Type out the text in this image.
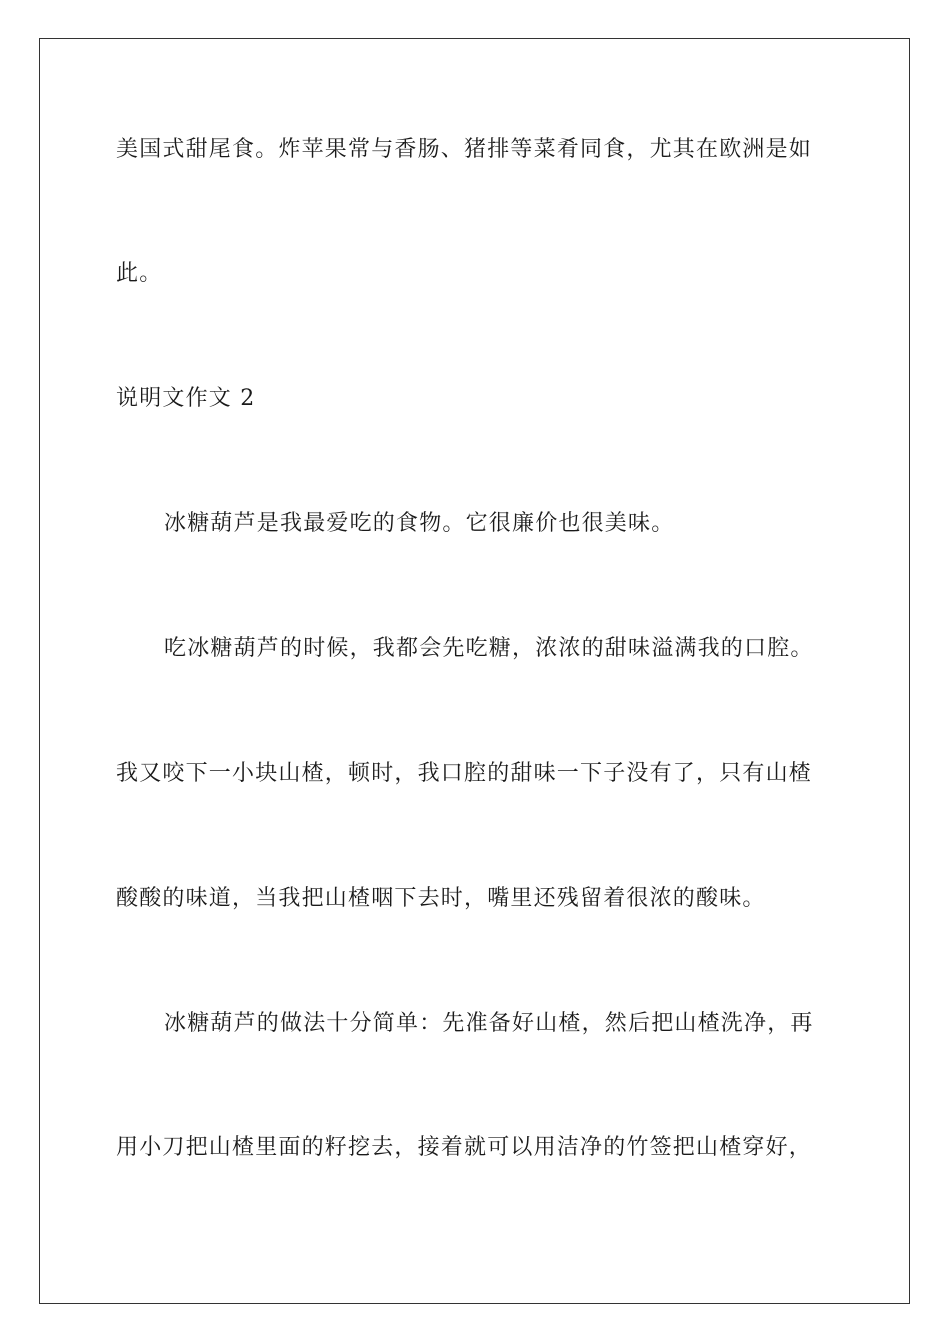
美国式甜尾食。炸苹果常与香肠、猪排等菜肴同食，尤其在欧洲是如
此。
说明文作文 2
冰糖葫芦是我最爱吃的食物。它很廉价也很美味。
吃冰糖葫芦的时候，我都会先吃糖，浓浓的甜味溢满我的口腔。
我又咬下一小块山楂，顿时，我口腔的甜味一下子没有了，只有山楂
酸酸的味道，当我把山楂咽下去时，嘴里还残留着很浓的酸味。
冰糖葫芦的做法十分简单：先准备好山楂，然后把山楂洗净，再
用小刀把山楂里面的籽挖去，接着就可以用洁净的竹签把山楂穿好，
